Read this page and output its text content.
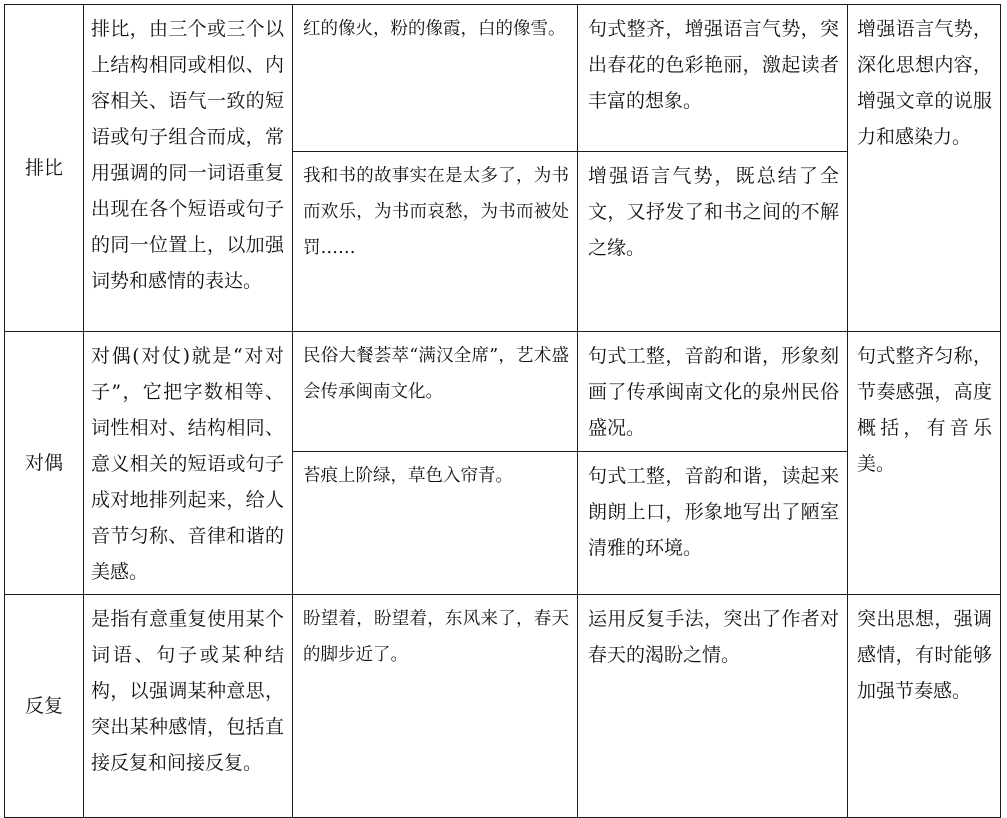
排比	排比，由三个或三个以上结构相同或相似、内容相关、语气一致的短语或句子组合而成，常用强调的同一词语重复出现在各个短语或句子的同一位置上，以加强词势和感情的表达。	红的像火，粉的像霞，白的像雪。	句式整齐，增强语言气势，突出春花的色彩艳丽，激起读者丰富的想象。	增强语言气势，深化思想内容，增强文章的说服力和感染力。
		我和书的故事实在是太多了，为书而欢乐，为书而哀愁，为书而被处罚……	增强语言气势，既总结了全文，又抒发了和书之间的不解之缘。	
对偶	对偶(对仗)就是“对对子”，它把字数相等、词性相对、结构相同、意义相关的短语或句子成对地排列起来，给人音节匀称、音律和谐的美感。	民俗大餐荟萃“满汉全席”，艺术盛会传承闽南文化。	句式工整，音韵和谐，形象刻画了传承闽南文化的泉州民俗盛况。	句式整齐匀称，节奏感强，高度概括，有音乐美。
		苔痕上阶绿，草色入帘青。	句式工整，音韵和谐，读起来朗朗上口，形象地写出了陋室清雅的环境。	
反复	是指有意重复使用某个词语、句子或某种结构，以强调某种意思，突出某种感情，包括直接反复和间接反复。	盼望着，盼望着，东风来了，春天的脚步近了。	运用反复手法，突出了作者对春天的渴盼之情。	突出思想，强调感情，有时能够加强节奏感。
